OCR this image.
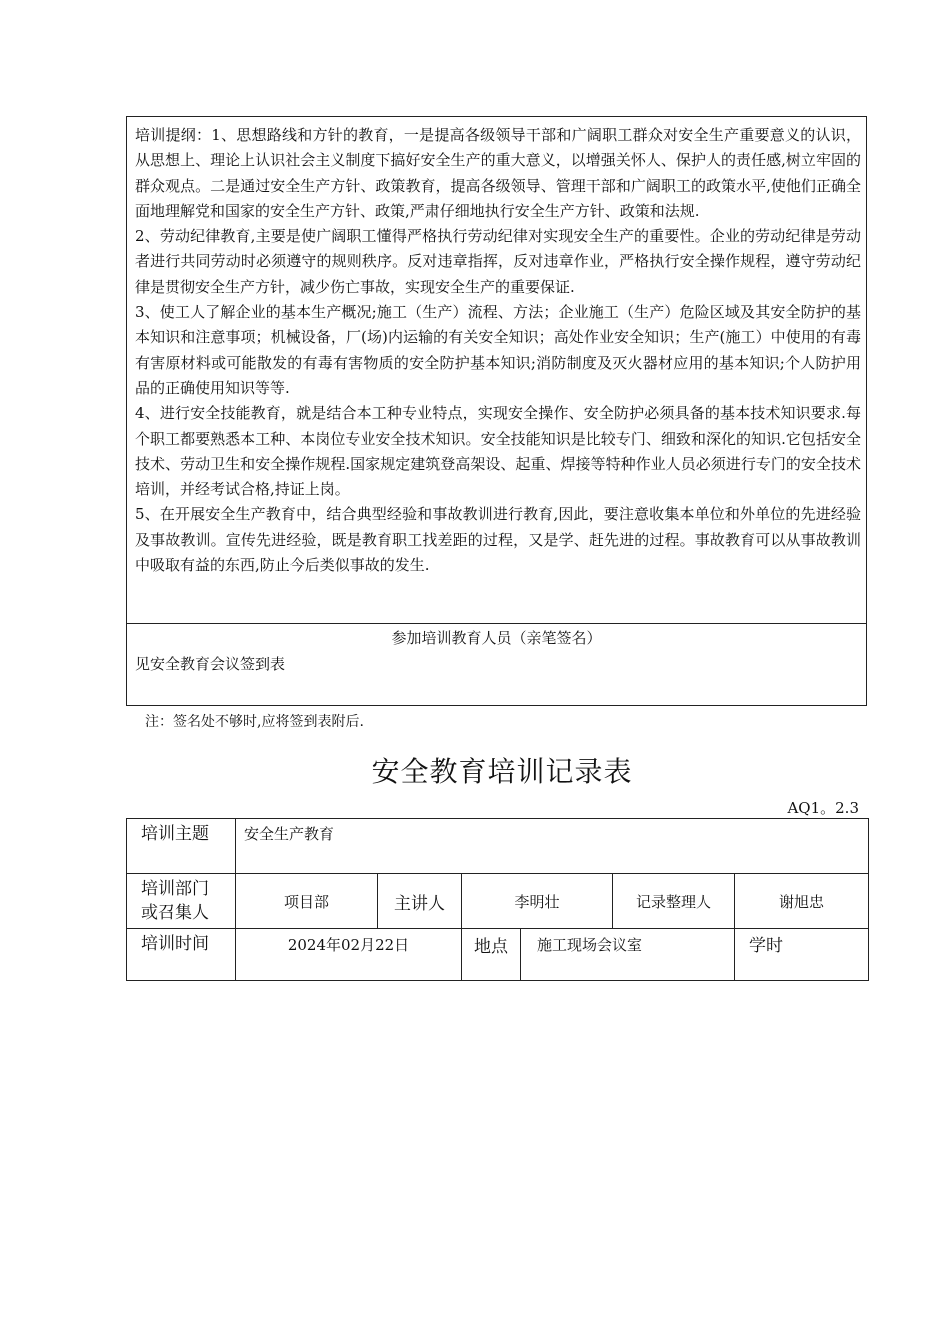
培训提纲：1、思想路线和方针的教育，一是提高各级领导干部和广阔职工群众对安全生产重要意义的认识，从思想上、理论上认识社会主义制度下搞好安全生产的重大意义，以增强关怀人、保护人的责任感,树立牢固的群众观点。二是通过安全生产方针、政策教育，提高各级领导、管理干部和广阔职工的政策水平,使他们正确全面地理解党和国家的安全生产方针、政策,严肃仔细地执行安全生产方针、政策和法规.

2、劳动纪律教育,主要是使广阔职工懂得严格执行劳动纪律对实现安全生产的重要性。企业的劳动纪律是劳动者进行共同劳动时必须遵守的规则秩序。反对违章指挥，反对违章作业，严格执行安全操作规程，遵守劳动纪律是贯彻安全生产方针，减少伤亡事故，实现安全生产的重要保证.

3、使工人了解企业的基本生产概况;施工（生产）流程、方法；企业施工（生产）危险区域及其安全防护的基本知识和注意事项；机械设备，厂(场)内运输的有关安全知识；高处作业安全知识；生产(施工）中使用的有毒有害原材料或可能散发的有毒有害物质的安全防护基本知识;消防制度及灭火器材应用的基本知识;个人防护用品的正确使用知识等等.

4、进行安全技能教育，就是结合本工种专业特点，实现安全操作、安全防护必须具备的基本技术知识要求.每个职工都要熟悉本工种、本岗位专业安全技术知识。安全技能知识是比较专门、细致和深化的知识.它包括安全技术、劳动卫生和安全操作规程.国家规定建筑登高架设、起重、焊接等特种作业人员必须进行专门的安全技术培训，并经考试合格,持证上岗。

5、在开展安全生产教育中，结合典型经验和事故教训进行教育,因此，要注意收集本单位和外单位的先进经验及事故教训。宣传先进经验，既是教育职工找差距的过程，又是学、赶先进的过程。事故教育可以从事故教训中吸取有益的东西,防止今后类似事故的发生.

参加培训教育人员（亲笔签名）
见安全教育会议签到表
注：签名处不够时,应将签到表附后.
安全教育培训记录表
AQ1。2.3
培训主题	安全生产教育						
培训部门
或召集人	项目部	主讲人	李明壮		记录整理人	谢旭忠	
培训时间	2024年02月22日		地点	施工现场会议室		学时	
